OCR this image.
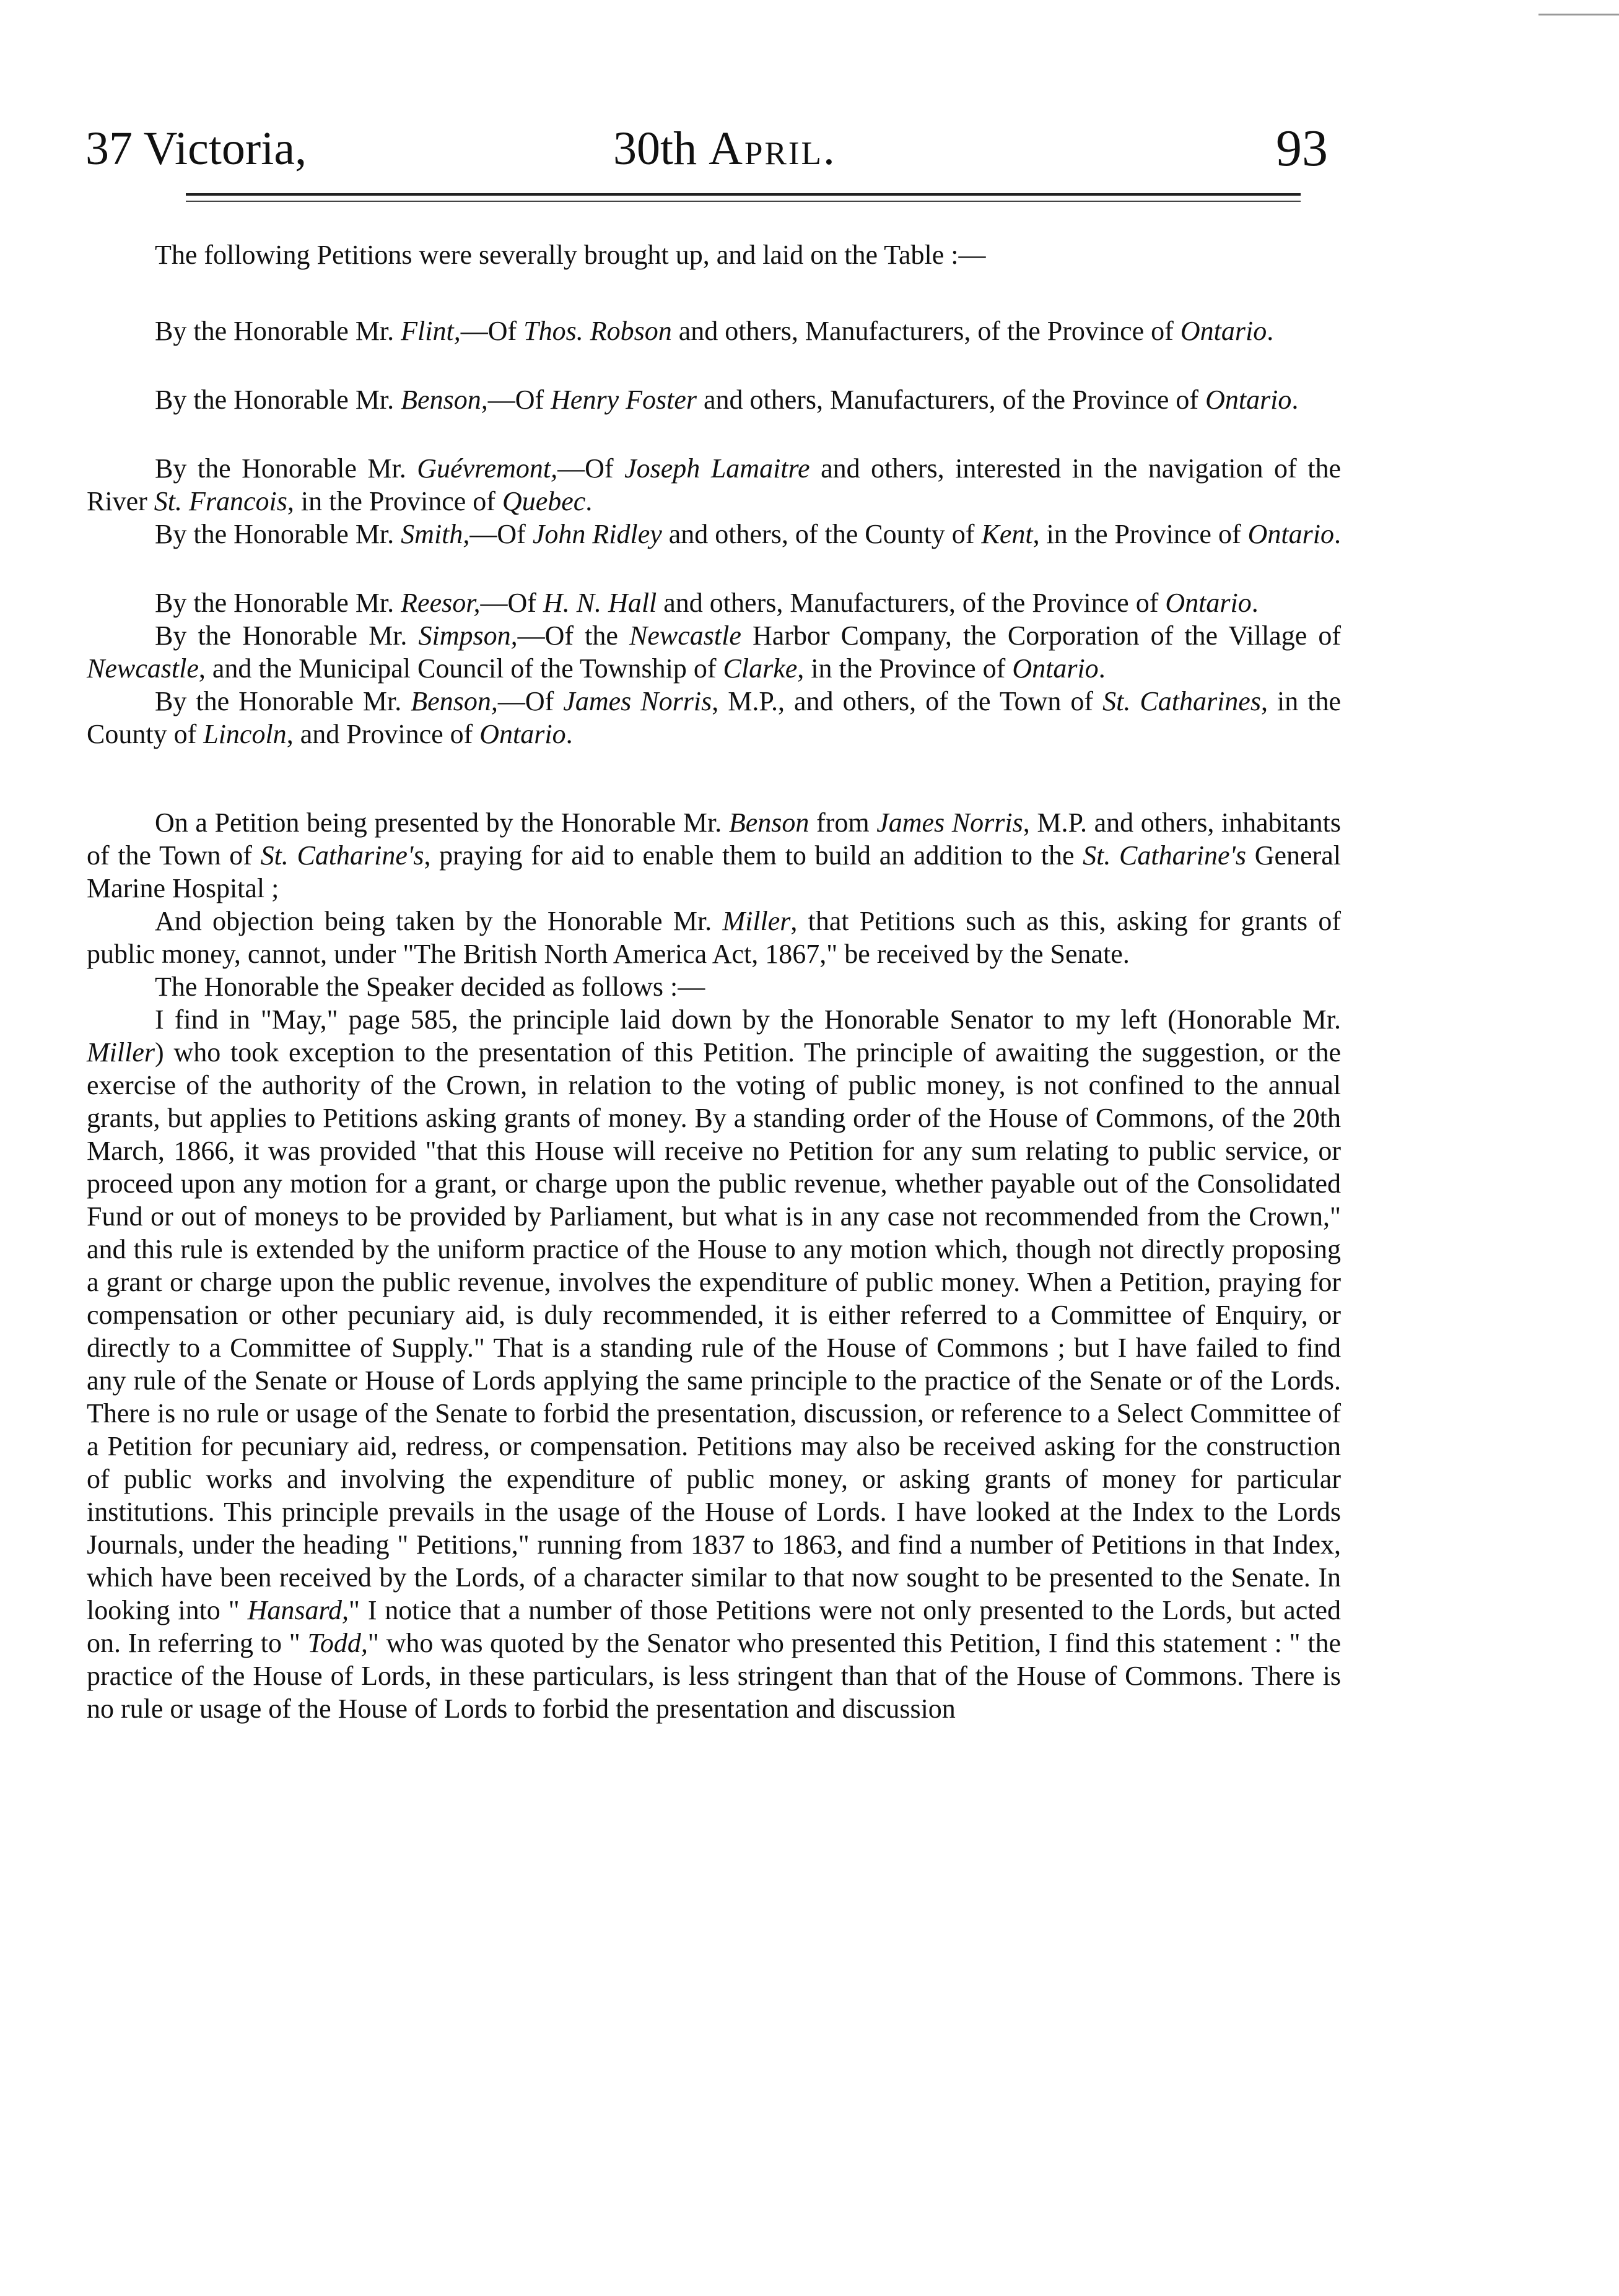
37 Victoria,	30th April.	93

The following Petitions were severally brought up, and laid on the Table :—

By the Honorable Mr. Flint,—Of Thos. Robson and others, Manufacturers, of the Province of Ontario.

By the Honorable Mr. Benson,—Of Henry Foster and others, Manufacturers, of the Province of Ontario.

By the Honorable Mr. Guévremont,—Of Joseph Lamaitre and others, interested in the navigation of the River St. Francois, in the Province of Quebec.

By the Honorable Mr. Smith,—Of John Ridley and others, of the County of Kent, in the Province of Ontario.

By the Honorable Mr. Reesor,—Of H. N. Hall and others, Manufacturers, of the Province of Ontario.

By the Honorable Mr. Simpson,—Of the Newcastle Harbor Company, the Corporation of the Village of Newcastle, and the Municipal Council of the Township of Clarke, in the Province of Ontario.

By the Honorable Mr. Benson,—Of James Norris, M.P., and others, of the Town of St. Catharines, in the County of Lincoln, and Province of Ontario.

On a Petition being presented by the Honorable Mr. Benson from James Norris, M.P. and others, inhabitants of the Town of St. Catharine's, praying for aid to enable them to build an addition to the St. Catharine's General Marine Hospital ;

And objection being taken by the Honorable Mr. Miller, that Petitions such as this, asking for grants of public money, cannot, under "The British North America Act, 1867," be received by the Senate.

The Honorable the Speaker decided as follows :—

I find in "May," page 585, the principle laid down by the Honorable Senator to my left (Honorable Mr. Miller) who took exception to the presentation of this Petition. The principle of awaiting the suggestion, or the exercise of the authority of the Crown, in relation to the voting of public money, is not confined to the annual grants, but applies to Petitions asking grants of money. By a standing order of the House of Commons, of the 20th March, 1866, it was provided "that this House will receive no Petition for any sum relating to public service, or proceed upon any motion for a grant, or charge upon the public revenue, whether payable out of the Consolidated Fund or out of moneys to be provided by Parliament, but what is in any case not recommended from the Crown," and this rule is extended by the uniform practice of the House to any motion which, though not directly proposing a grant or charge upon the public revenue, involves the expenditure of public money. When a Petition, praying for compensation or other pecuniary aid, is duly recommended, it is either referred to a Committee of Enquiry, or directly to a Committee of Supply." That is a standing rule of the House of Commons ; but I have failed to find any rule of the Senate or House of Lords applying the same principle to the practice of the Senate or of the Lords. There is no rule or usage of the Senate to forbid the presentation, discussion, or reference to a Select Committee of a Petition for pecuniary aid, redress, or compensation. Petitions may also be received asking for the construction of public works and involving the expenditure of public money, or asking grants of money for particular institutions. This principle prevails in the usage of the House of Lords. I have looked at the Index to the Lords Journals, under the heading " Petitions," running from 1837 to 1863, and find a number of Petitions in that Index, which have been received by the Lords, of a character similar to that now sought to be presented to the Senate. In looking into " Hansard," I notice that a number of those Petitions were not only presented to the Lords, but acted on. In referring to " Todd," who was quoted by the Senator who presented this Petition, I find this statement : " the practice of the House of Lords, in these particulars, is less stringent than that of the House of Commons. There is no rule or usage of the House of Lords to forbid the presentation and discussion
